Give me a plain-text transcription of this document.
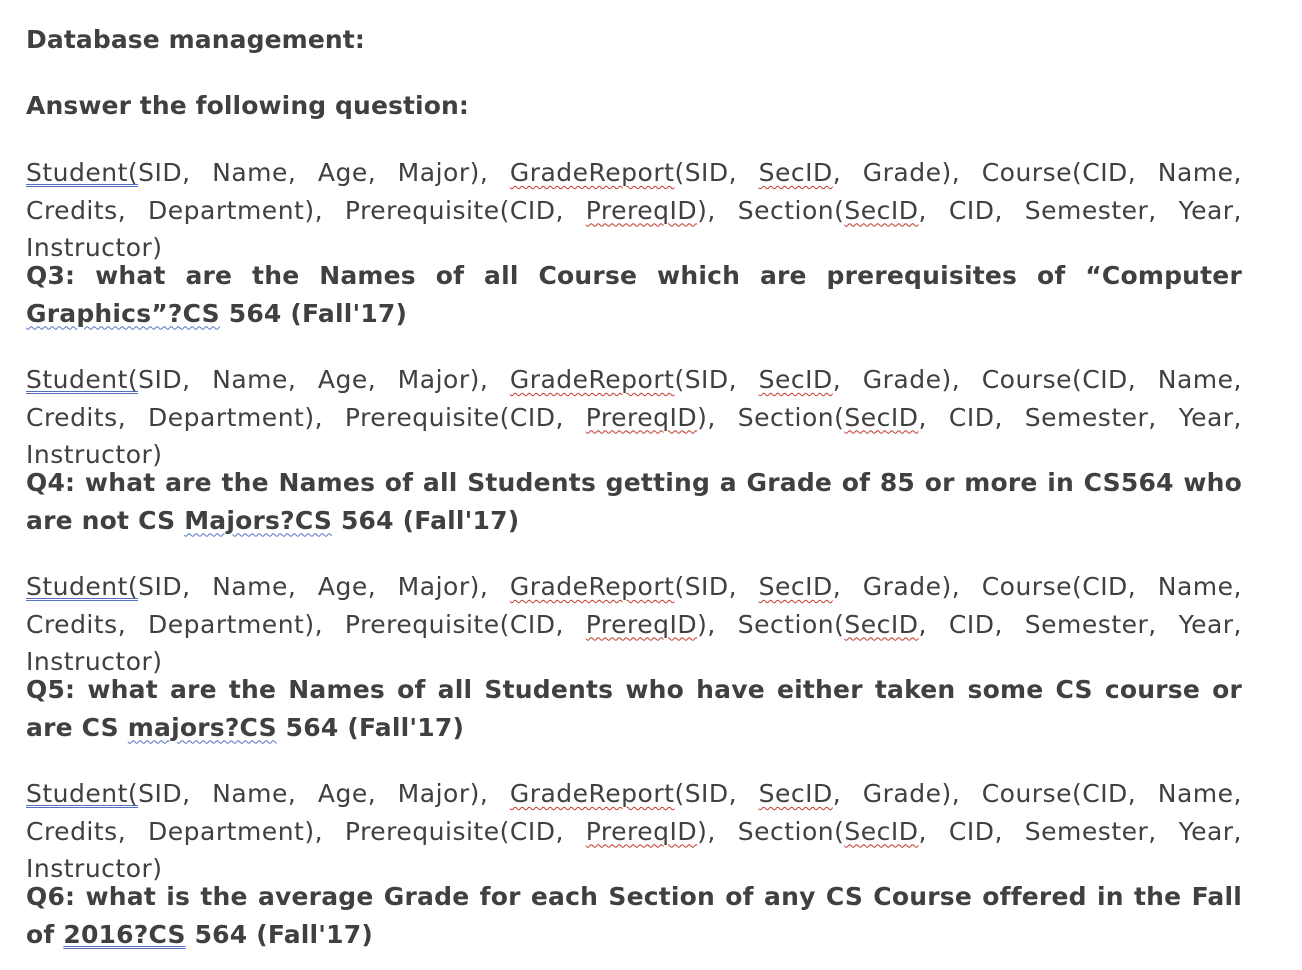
Database management:
Answer the following question:
Student(SID, Name, Age, Major), GradeReport(SID, SecID, Grade), Course(CID, Name, Credits, Department), Prerequisite(CID, PrereqID), Section(SecID, CID, Semester, Year, Instructor)
Q3: what are the Names of all Course which are prerequisites of “Computer Graphics”?CS 564 (Fall'17)
Student(SID, Name, Age, Major), GradeReport(SID, SecID, Grade), Course(CID, Name, Credits, Department), Prerequisite(CID, PrereqID), Section(SecID, CID, Semester, Year, Instructor)
Q4: what are the Names of all Students getting a Grade of 85 or more in CS564 who are not CS Majors?CS 564 (Fall'17)
Student(SID, Name, Age, Major), GradeReport(SID, SecID, Grade), Course(CID, Name, Credits, Department), Prerequisite(CID, PrereqID), Section(SecID, CID, Semester, Year, Instructor)
Q5: what are the Names of all Students who have either taken some CS course or are CS majors?CS 564 (Fall'17)
Student(SID, Name, Age, Major), GradeReport(SID, SecID, Grade), Course(CID, Name, Credits, Department), Prerequisite(CID, PrereqID), Section(SecID, CID, Semester, Year, Instructor)
Q6: what is the average Grade for each Section of any CS Course offered in the Fall of 2016?CS 564 (Fall'17)
